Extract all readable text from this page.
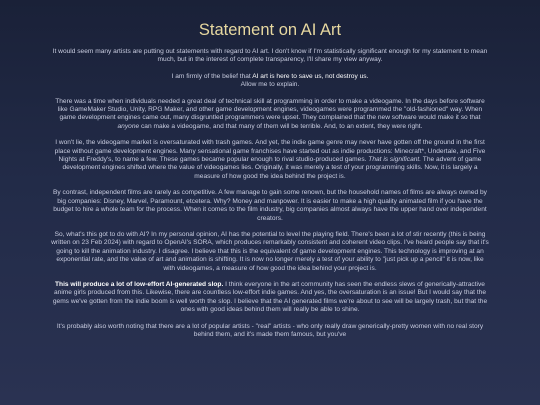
Statement on AI Art

It would seem many artists are putting out statements with regard to AI art. I don't know if I'm statistically significant enough for my statement to mean much, but in the interest of complete transparency, I'll share my view anyway.

I am firmly of the belief that AI art is here to save us, not destroy us.
Allow me to explain.

There was a time when individuals needed a great deal of technical skill at programming in order to make a videogame. In the days before software like GameMaker Studio, Unity, RPG Maker, and other game development engines, videogames were programmed the "old-fashioned" way. When game development engines came out, many disgruntled programmers were upset. They complained that the new software would make it so that anyone can make a videogame, and that many of them will be terrible. And, to an extent, they were right.

I won't lie, the videogame market is oversaturated with trash games. And yet, the indie game genre may never have gotten off the ground in the first place without game development engines. Many sensational game franchises have started out as indie productions: Minecraft*, Undertale, and Five Nights at Freddy's, to name a few. These games became popular enough to rival studio-produced games. That is significant. The advent of game development engines shifted where the value of videogames lies. Originally, it was merely a test of your programming skills. Now, it is largely a measure of how good the idea behind the project is.

By contrast, independent films are rarely as competitive. A few manage to gain some renown, but the household names of films are always owned by big companies: Disney, Marvel, Paramount, etcetera. Why? Money and manpower. It is easier to make a high quality animated film if you have the budget to hire a whole team for the process. When it comes to the film industry, big companies almost always have the upper hand over independent creators.

So, what's this got to do with AI? In my personal opinion, AI has the potential to level the playing field. There's been a lot of stir recently (this is being written on 23 Feb 2024) with regard to OpenAI's SORA, which produces remarkably consistent and coherent video clips. I've heard people say that it's going to kill the animation industry. I disagree. I believe that this is the equivalent of game development engines. This technology is improving at an exponential rate, and the value of art and animation is shifting. It is now no longer merely a test of your ability to "just pick up a pencil" it is now, like with videogames, a measure of how good the idea behind your project is.

This will produce a lot of low-effort AI-generated slop. I think everyone in the art community has seen the endless slews of generically-attractive anime girls produced from this. Likewise, there are countless low-effort indie games. And yes, the oversaturation is an issue! But I would say that the gems we've gotten from the indie boom is well worth the slop. I believe that the AI generated films we're about to see will be largely trash, but that the ones with good ideas behind them will really be able to shine.

It's probably also worth noting that there are a lot of popular artists - "real" artists - who only really draw generically-pretty women with no real story behind them, and it's made them famous, but you've
